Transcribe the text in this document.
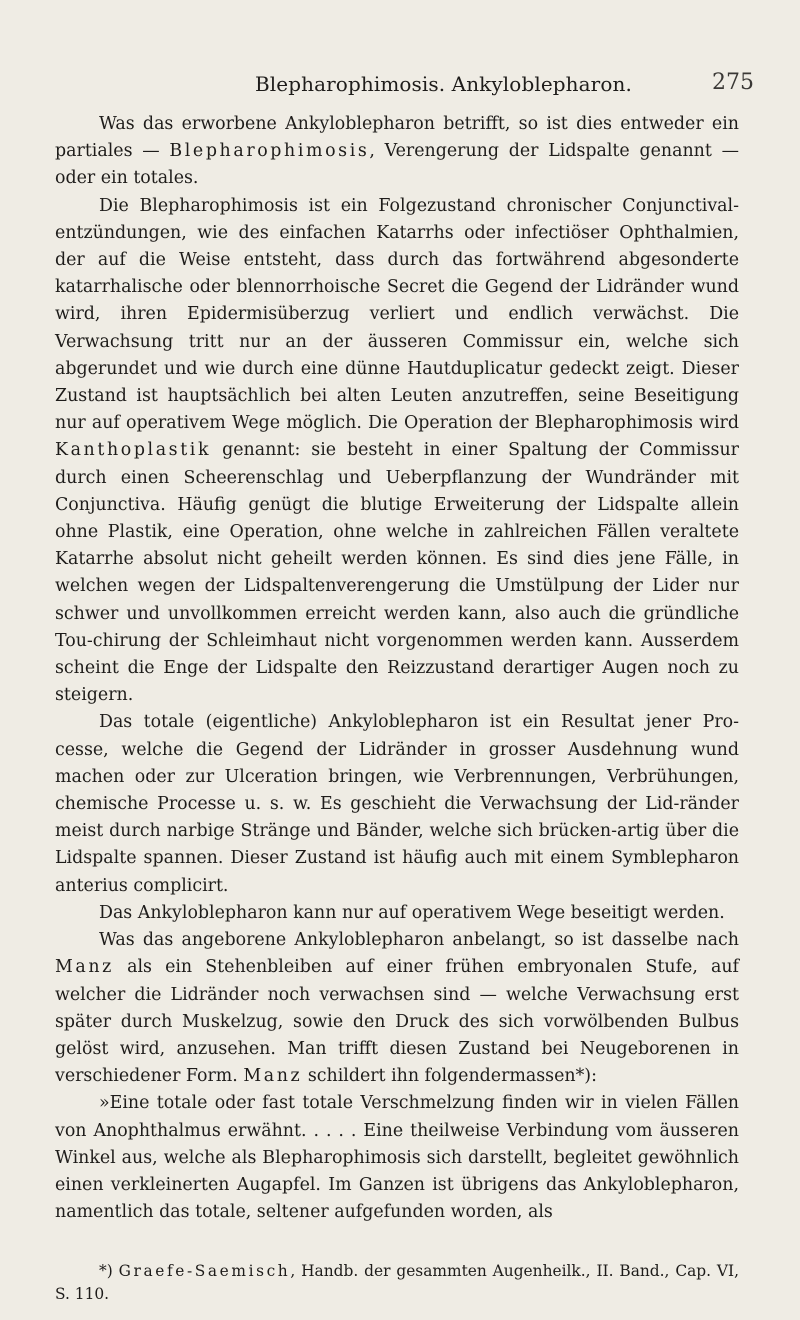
Blepharophimosis. Ankyloblepharon.	275

Was das erworbene Ankyloblepharon betrifft, so ist dies entweder ein partiales — Blepharophimosis, Verengerung der Lidspalte genannt — oder ein totales.

Die Blepharophimosis ist ein Folgezustand chronischer Conjunctival-entzündungen, wie des einfachen Katarrhs oder infectiöser Ophthalmien, der auf die Weise entsteht, dass durch das fortwährend abgesonderte katarrhalische oder blennorrhoische Secret die Gegend der Lidränder wund wird, ihren Epidermisüberzug verliert und endlich verwächst. Die Verwachsung tritt nur an der äusseren Commissur ein, welche sich abgerundet und wie durch eine dünne Hautduplicatur gedeckt zeigt. Dieser Zustand ist hauptsächlich bei alten Leuten anzutreffen, seine Beseitigung nur auf operativem Wege möglich. Die Operation der Blepharophimosis wird Kanthoplastik genannt: sie besteht in einer Spaltung der Commissur durch einen Scheerenschlag und Ueberpflanzung der Wundränder mit Conjunctiva. Häufig genügt die blutige Erweiterung der Lidspalte allein ohne Plastik, eine Operation, ohne welche in zahlreichen Fällen veraltete Katarrhe absolut nicht geheilt werden können. Es sind dies jene Fälle, in welchen wegen der Lidspaltenverengerung die Umstülpung der Lider nur schwer und unvollkommen erreicht werden kann, also auch die gründliche Tou-chirung der Schleimhaut nicht vorgenommen werden kann. Ausserdem scheint die Enge der Lidspalte den Reizzustand derartiger Augen noch zu steigern.

Das totale (eigentliche) Ankyloblepharon ist ein Resultat jener Pro-cesse, welche die Gegend der Lidränder in grosser Ausdehnung wund machen oder zur Ulceration bringen, wie Verbrennungen, Verbrühungen, chemische Processe u. s. w. Es geschieht die Verwachsung der Lid-ränder meist durch narbige Stränge und Bänder, welche sich brücken-artig über die Lidspalte spannen. Dieser Zustand ist häufig auch mit einem Symblepharon anterius complicirt.

Das Ankyloblepharon kann nur auf operativem Wege beseitigt werden.

Was das angeborene Ankyloblepharon anbelangt, so ist dasselbe nach Manz als ein Stehenbleiben auf einer frühen embryonalen Stufe, auf welcher die Lidränder noch verwachsen sind — welche Verwachsung erst später durch Muskelzug, sowie den Druck des sich vorwölbenden Bulbus gelöst wird, anzusehen. Man trifft diesen Zustand bei Neugeborenen in verschiedener Form. Manz schildert ihn folgendermassen*):

»Eine totale oder fast totale Verschmelzung finden wir in vielen Fällen von Anophthalmus erwähnt. . . . . Eine theilweise Verbindung vom äusseren Winkel aus, welche als Blepharophimosis sich darstellt, begleitet gewöhnlich einen verkleinerten Augapfel. Im Ganzen ist übrigens das Ankyloblepharon, namentlich das totale, seltener aufgefunden worden, als

*) Graefe-Saemisch, Handb. der gesammten Augenheilk., II. Band., Cap. VI, S. 110.
